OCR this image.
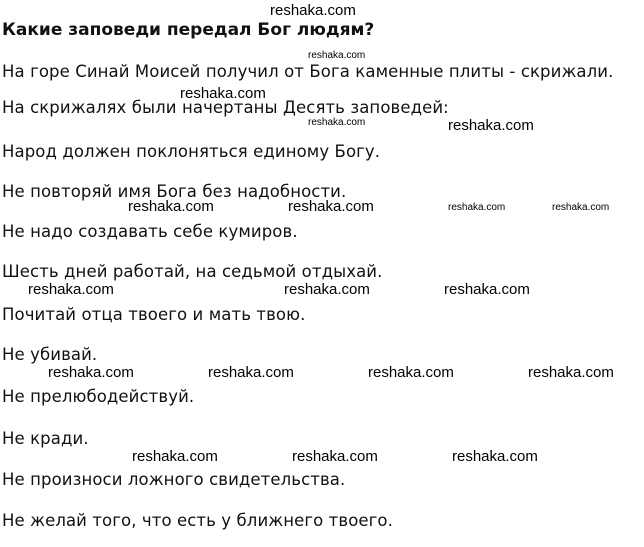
Какие заповеди передал Бог людям?
На горе Синай Моисей получил от Бога каменные плиты - скрижали.
На скрижалях были начертаны Десять заповедей:
Народ должен поклоняться единому Богу.
Не повторяй имя Бога без надобности.
Не надо создавать себе кумиров.
Шесть дней работай, на седьмой отдыхай.
Почитай отца твоего и мать твою.
Не убивай.
Не прелюбодействуй.
Не кради.
Не произноси ложного свидетельства.
Не желай того, что есть у ближнего твоего.
reshaka.com
reshaka.com
reshaka.com
reshaka.com	reshaka.com
reshaka.com	reshaka.com	reshaka.com	reshaka.com
reshaka.com	reshaka.com	reshaka.com
reshaka.com	reshaka.com	reshaka.com	reshaka.com
reshaka.com	reshaka.com	reshaka.com
